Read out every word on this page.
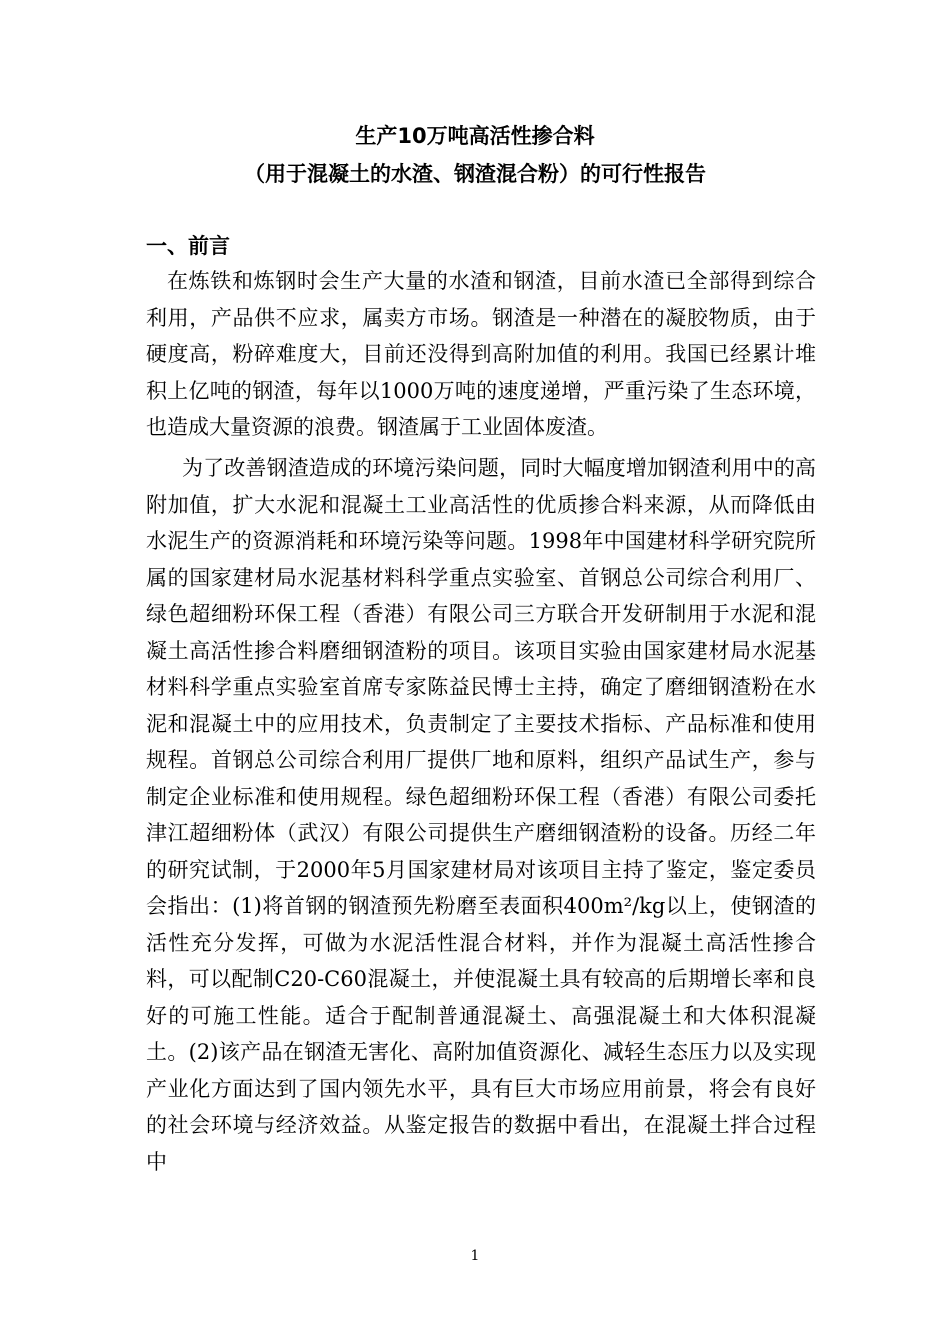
生产10万吨高活性掺合料
（用于混凝土的水渣、钢渣混合粉）的可行性报告
一、前言

在炼铁和炼钢时会生产大量的水渣和钢渣，目前水渣已全部得到综合利用，产品供不应求，属卖方市场。钢渣是一种潜在的凝胶物质，由于硬度高，粉碎难度大，目前还没得到高附加值的利用。我国已经累计堆积上亿吨的钢渣，每年以1000万吨的速度递增，严重污染了生态环境，也造成大量资源的浪费。钢渣属于工业固体废渣。

为了改善钢渣造成的环境污染问题，同时大幅度增加钢渣利用中的高附加值，扩大水泥和混凝土工业高活性的优质掺合料来源，从而降低由水泥生产的资源消耗和环境污染等问题。1998年中国建材科学研究院所属的国家建材局水泥基材料科学重点实验室、首钢总公司综合利用厂、绿色超细粉环保工程（香港）有限公司三方联合开发研制用于水泥和混凝土高活性掺合料磨细钢渣粉的项目。该项目实验由国家建材局水泥基材料科学重点实验室首席专家陈益民博士主持，确定了磨细钢渣粉在水泥和混凝土中的应用技术，负责制定了主要技术指标、产品标准和使用规程。首钢总公司综合利用厂提供厂地和原料，组织产品试生产，参与制定企业标准和使用规程。绿色超细粉环保工程（香港）有限公司委托津江超细粉体（武汉）有限公司提供生产磨细钢渣粉的设备。历经二年的研究试制，于2000年5月国家建材局对该项目主持了鉴定，鉴定委员会指出：(1)将首钢的钢渣预先粉磨至表面积400m²/kg以上，使钢渣的活性充分发挥，可做为水泥活性混合材料，并作为混凝土高活性掺合料，可以配制C20-C60混凝土，并使混凝土具有较高的后期增长率和良好的可施工性能。适合于配制普通混凝土、高强混凝土和大体积混凝土。(2)该产品在钢渣无害化、高附加值资源化、减轻生态压力以及实现产业化方面达到了国内领先水平，具有巨大市场应用前景，将会有良好的社会环境与经济效益。从鉴定报告的数据中看出，在混凝土拌合过程中

1
